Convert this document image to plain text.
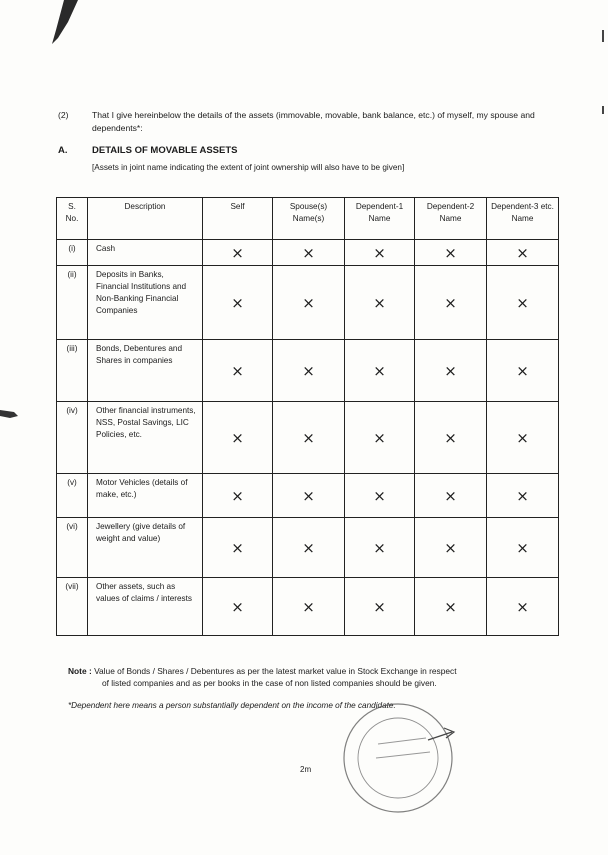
(2)	That I give hereinbelow the details of the assets (immovable, movable, bank balance, etc.) of myself, my spouse and dependents*:
A.	DETAILS OF MOVABLE ASSETS
[Assets in joint name indicating the extent of joint ownership will also have to be given]
S. No.	Description	Self	Spouse(s) Name(s)	Dependent-1 Name	Dependent-2 Name	Dependent-3 etc. Name
(i)	Cash	×	×	×	×	×
(ii)	Deposits in Banks, Financial Institutions and Non-Banking Financial Companies	×	×	×	×	×
(iii)	Bonds, Debentures and Shares in companies	×	×	×	×	×
(iv)	Other financial instruments, NSS, Postal Savings, LIC Policies, etc.	×	×	×	×	×
(v)	Motor Vehicles (details of make, etc.)	×	×	×	×	×
(vi)	Jewellery (give details of weight and value)	×	×	×	×	×
(vii)	Other assets, such as values of claims / interests	×	×	×	×	×
Note : Value of Bonds / Shares / Debentures as per the latest market value in Stock Exchange in respect
of listed companies and as per books in the case of non listed companies should be given.
*Dependent here means a person substantially dependent on the income of the candidate.
2m
